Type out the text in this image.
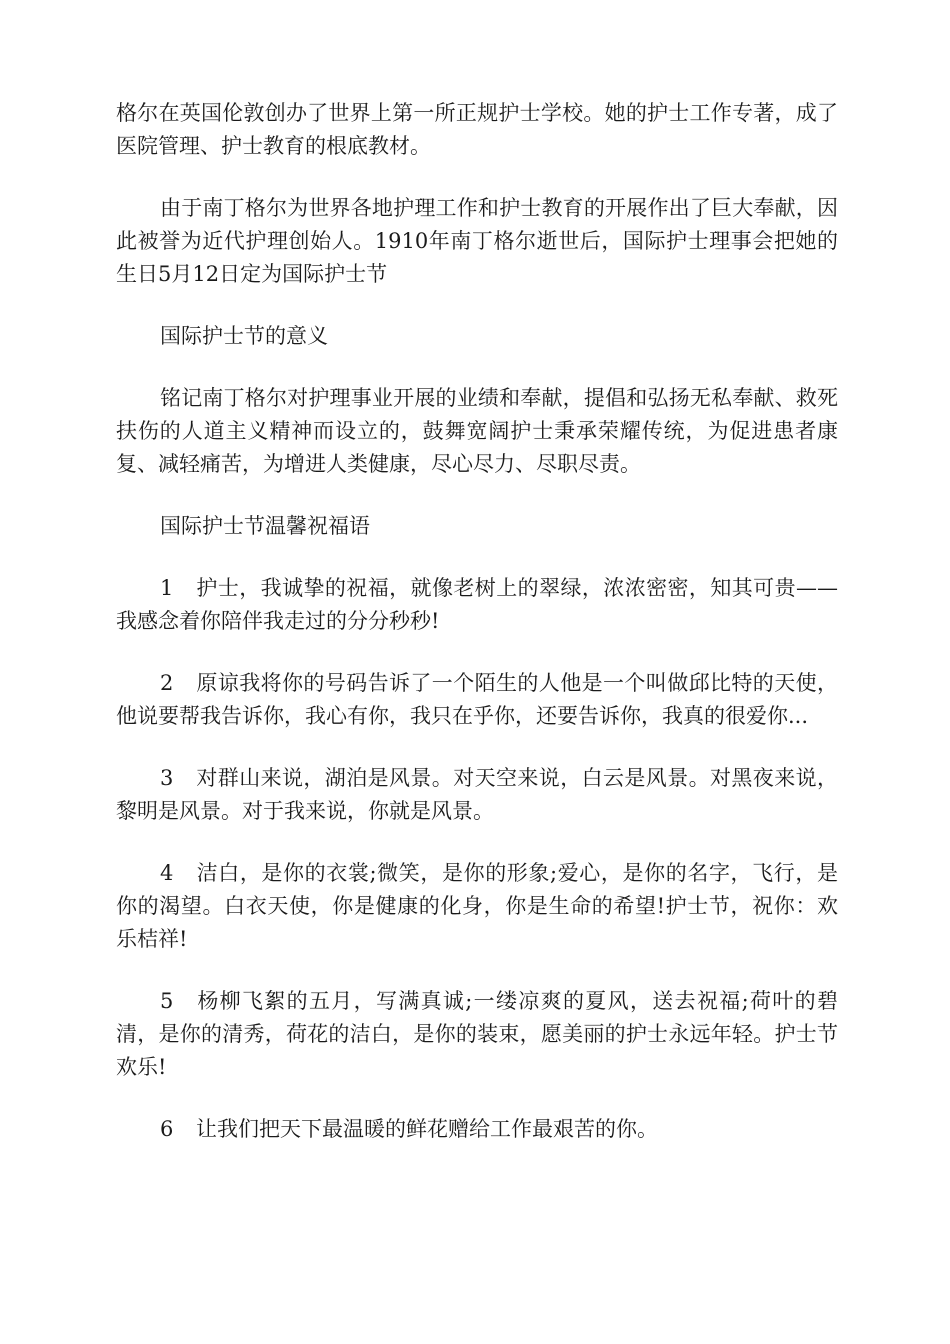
格尔在英国伦敦创办了世界上第一所正规护士学校。她的护士工作专著，成了医院管理、护士教育的根底教材。

由于南丁格尔为世界各地护理工作和护士教育的开展作出了巨大奉献，因此被誉为近代护理创始人。1910年南丁格尔逝世后，国际护士理事会把她的生日5月12日定为国际护士节

国际护士节的意义

铭记南丁格尔对护理事业开展的业绩和奉献，提倡和弘扬无私奉献、救死扶伤的人道主义精神而设立的，鼓舞宽阔护士秉承荣耀传统，为促进患者康复、减轻痛苦，为增进人类健康，尽心尽力、尽职尽责。

国际护士节温馨祝福语

1 护士，我诚挚的祝福，就像老树上的翠绿，浓浓密密，知其可贵——我感念着你陪伴我走过的分分秒秒!

2 原谅我将你的号码告诉了一个陌生的人他是一个叫做邱比特的天使，他说要帮我告诉你，我心有你，我只在乎你，还要告诉你，我真的很爱你...

3 对群山来说，湖泊是风景。对天空来说，白云是风景。对黑夜来说，黎明是风景。对于我来说，你就是风景。

4 洁白，是你的衣裳;微笑，是你的形象;爱心，是你的名字，飞行，是你的渴望。白衣天使，你是健康的化身，你是生命的希望!护士节，祝你：欢乐桔祥!

5 杨柳飞絮的五月，写满真诚;一缕凉爽的夏风，送去祝福;荷叶的碧清，是你的清秀，荷花的洁白，是你的装束，愿美丽的护士永远年轻。护士节欢乐!

6 让我们把天下最温暖的鲜花赠给工作最艰苦的你。
